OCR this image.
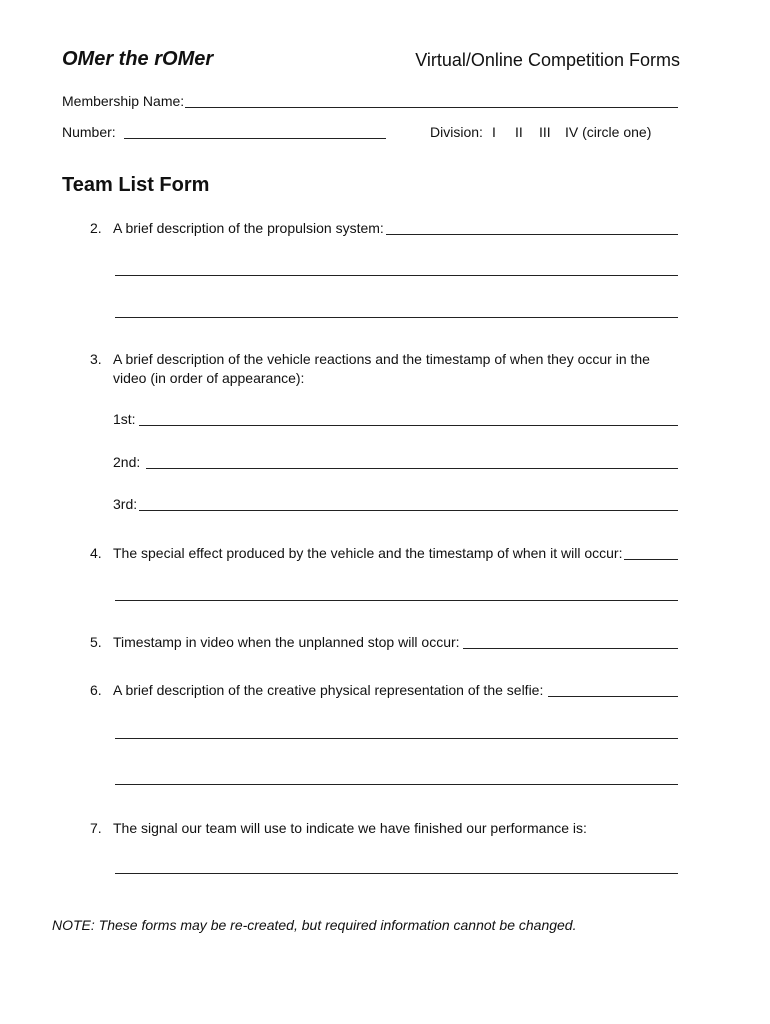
OMer the rOMer	Virtual/Online Competition Forms
Membership Name:
Number:	Division: I II III IV (circle one)
Team List Form
2. A brief description of the propulsion system:
3. A brief description of the vehicle reactions and the timestamp of when they occur in the
video (in order of appearance):
1st:
2nd:
3rd:
4. The special effect produced by the vehicle and the timestamp of when it will occur:
5. Timestamp in video when the unplanned stop will occur:
6. A brief description of the creative physical representation of the selfie:
7. The signal our team will use to indicate we have finished our performance is:
NOTE: These forms may be re-created, but required information cannot be changed.
